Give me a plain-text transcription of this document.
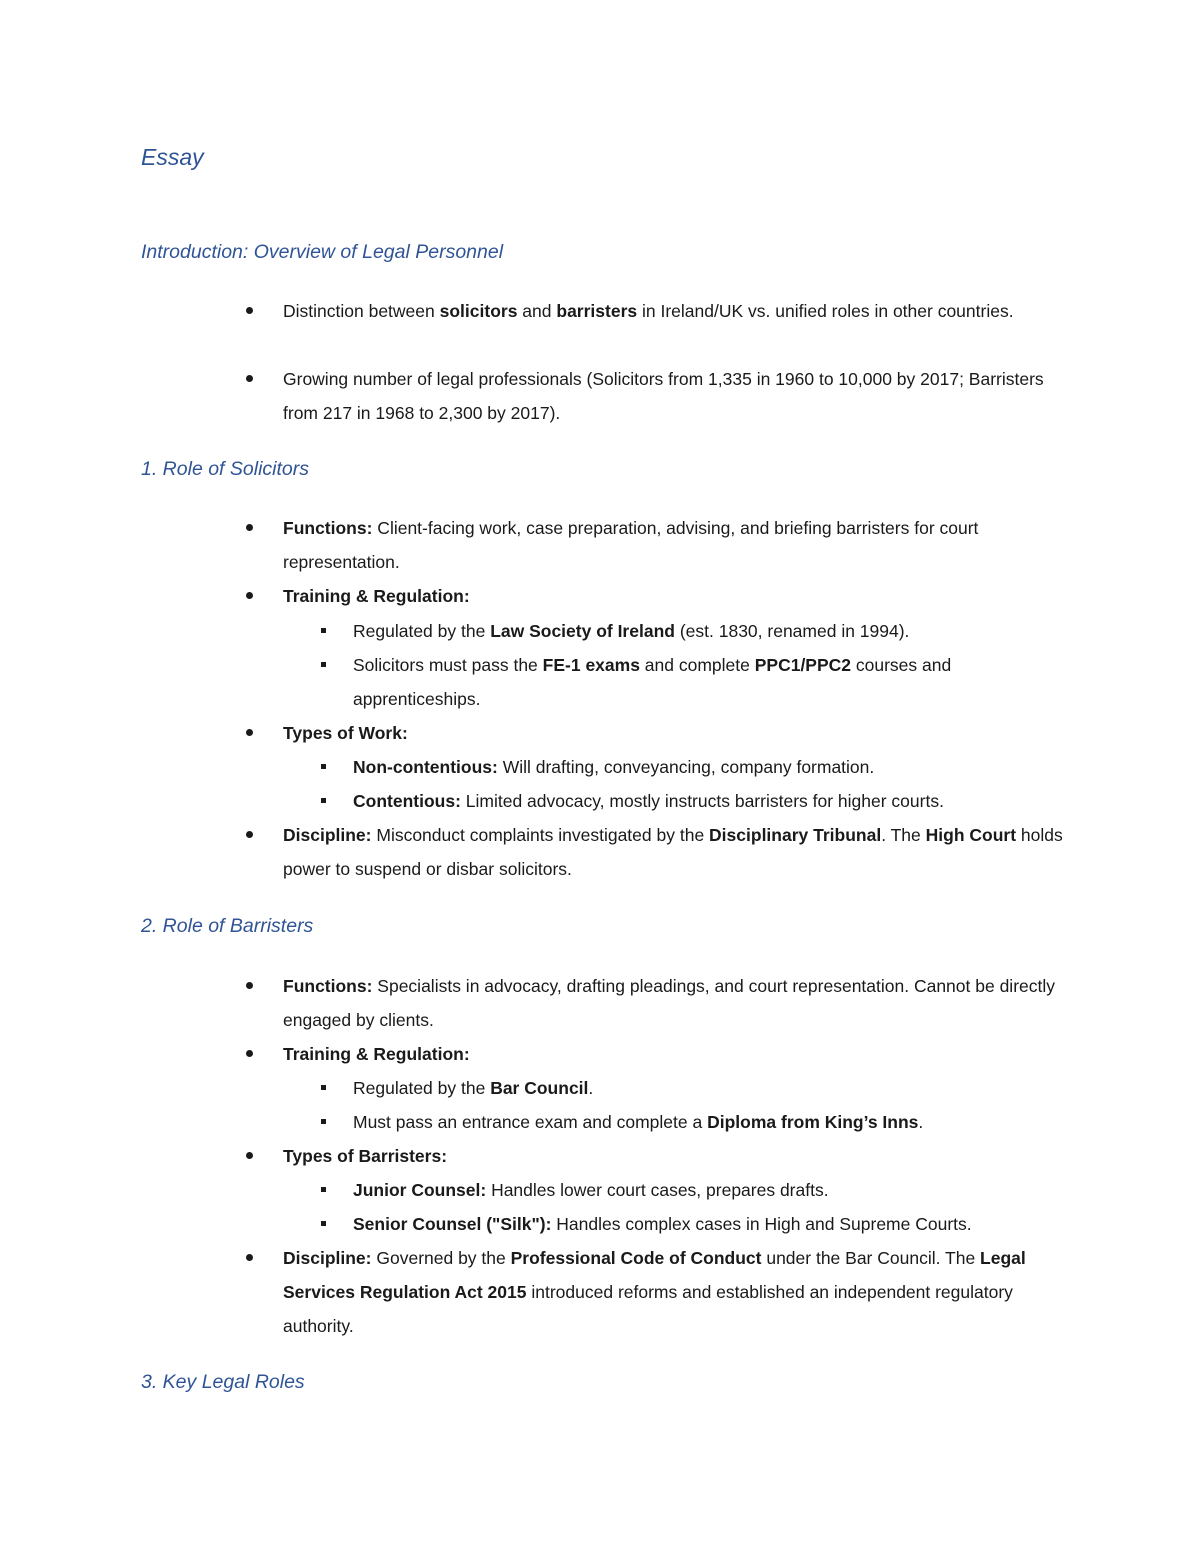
Essay
Introduction: Overview of Legal Personnel
Distinction between solicitors and barristers in Ireland/UK vs. unified roles in other countries.
Growing number of legal professionals (Solicitors from 1,335 in 1960 to 10,000 by 2017; Barristers from 217 in 1968 to 2,300 by 2017).
1. Role of Solicitors
Functions: Client-facing work, case preparation, advising, and briefing barristers for court representation.
Training & Regulation:
Regulated by the Law Society of Ireland (est. 1830, renamed in 1994).
Solicitors must pass the FE-1 exams and complete PPC1/PPC2 courses and apprenticeships.
Types of Work:
Non-contentious: Will drafting, conveyancing, company formation.
Contentious: Limited advocacy, mostly instructs barristers for higher courts.
Discipline: Misconduct complaints investigated by the Disciplinary Tribunal. The High Court holds power to suspend or disbar solicitors.
2. Role of Barristers
Functions: Specialists in advocacy, drafting pleadings, and court representation. Cannot be directly engaged by clients.
Training & Regulation:
Regulated by the Bar Council.
Must pass an entrance exam and complete a Diploma from King’s Inns.
Types of Barristers:
Junior Counsel: Handles lower court cases, prepares drafts.
Senior Counsel ("Silk"): Handles complex cases in High and Supreme Courts.
Discipline: Governed by the Professional Code of Conduct under the Bar Council. The Legal Services Regulation Act 2015 introduced reforms and established an independent regulatory authority.
3. Key Legal Roles
